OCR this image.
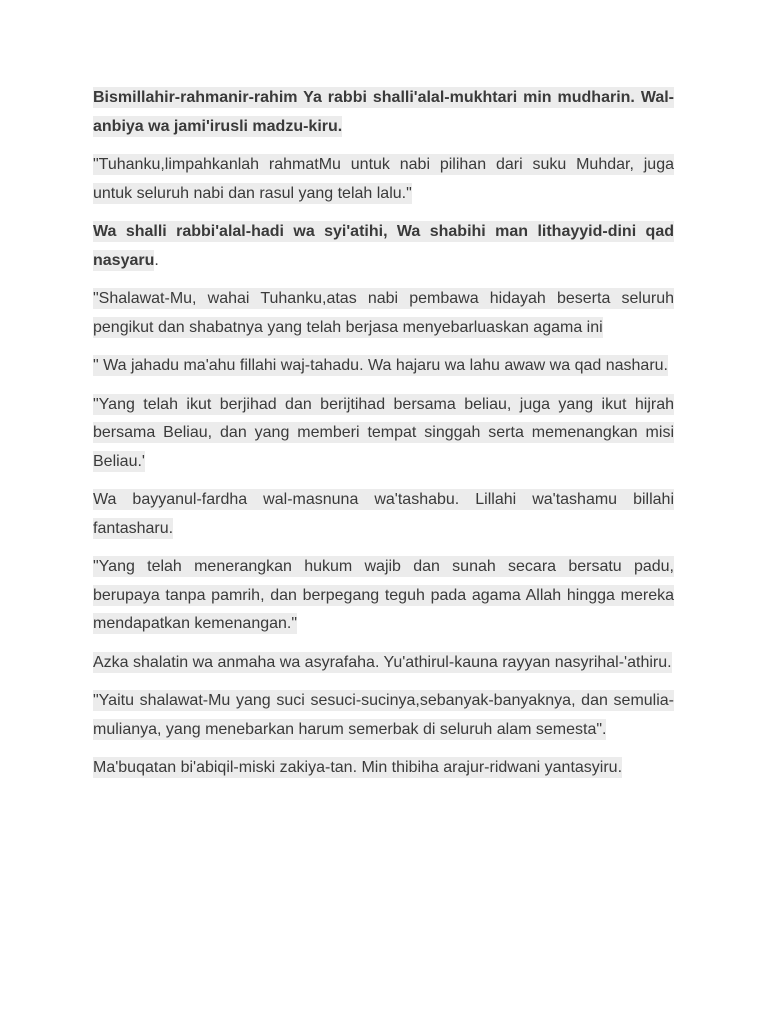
Bismillahir-rahmanir-rahim Ya rabbi shalli'alal-mukhtari min mudharin. Wal-anbiya wa jami'irusli madzu-kiru.

"Tuhanku,limpahkanlah rahmatMu untuk nabi pilihan dari suku Muhdar, juga untuk seluruh nabi dan rasul yang telah lalu."

Wa shalli rabbi'alal-hadi wa syi'atihi, Wa shabihi man lithayyid-dini qad nasyaru.

"Shalawat-Mu, wahai Tuhanku,atas nabi pembawa hidayah beserta seluruh pengikut dan shabatnya yang telah berjasa menyebarluaskan agama ini

" Wa jahadu ma'ahu fillahi waj-tahadu. Wa hajaru wa lahu awaw wa qad nasharu.

"Yang telah ikut berjihad dan berijtihad bersama beliau, juga yang ikut hijrah bersama Beliau, dan yang memberi tempat singgah serta memenangkan misi Beliau.'

Wa bayyanul-fardha wal-masnuna wa'tashabu. Lillahi wa'tashamu billahi fantasharu.

"Yang telah menerangkan hukum wajib dan sunah secara bersatu padu, berupaya tanpa pamrih, dan berpegang teguh pada agama Allah hingga mereka mendapatkan kemenangan."

Azka shalatin wa anmaha wa asyrafaha. Yu'athirul-kauna rayyan nasyrihal-'athiru.

"Yaitu shalawat-Mu yang suci sesuci-sucinya,sebanyak-banyaknya, dan semulia-mulianya, yang menebarkan harum semerbak di seluruh alam semesta".

Ma'buqatan bi'abiqil-miski zakiya-tan. Min thibiha arajur-ridwani yantasyiru.
